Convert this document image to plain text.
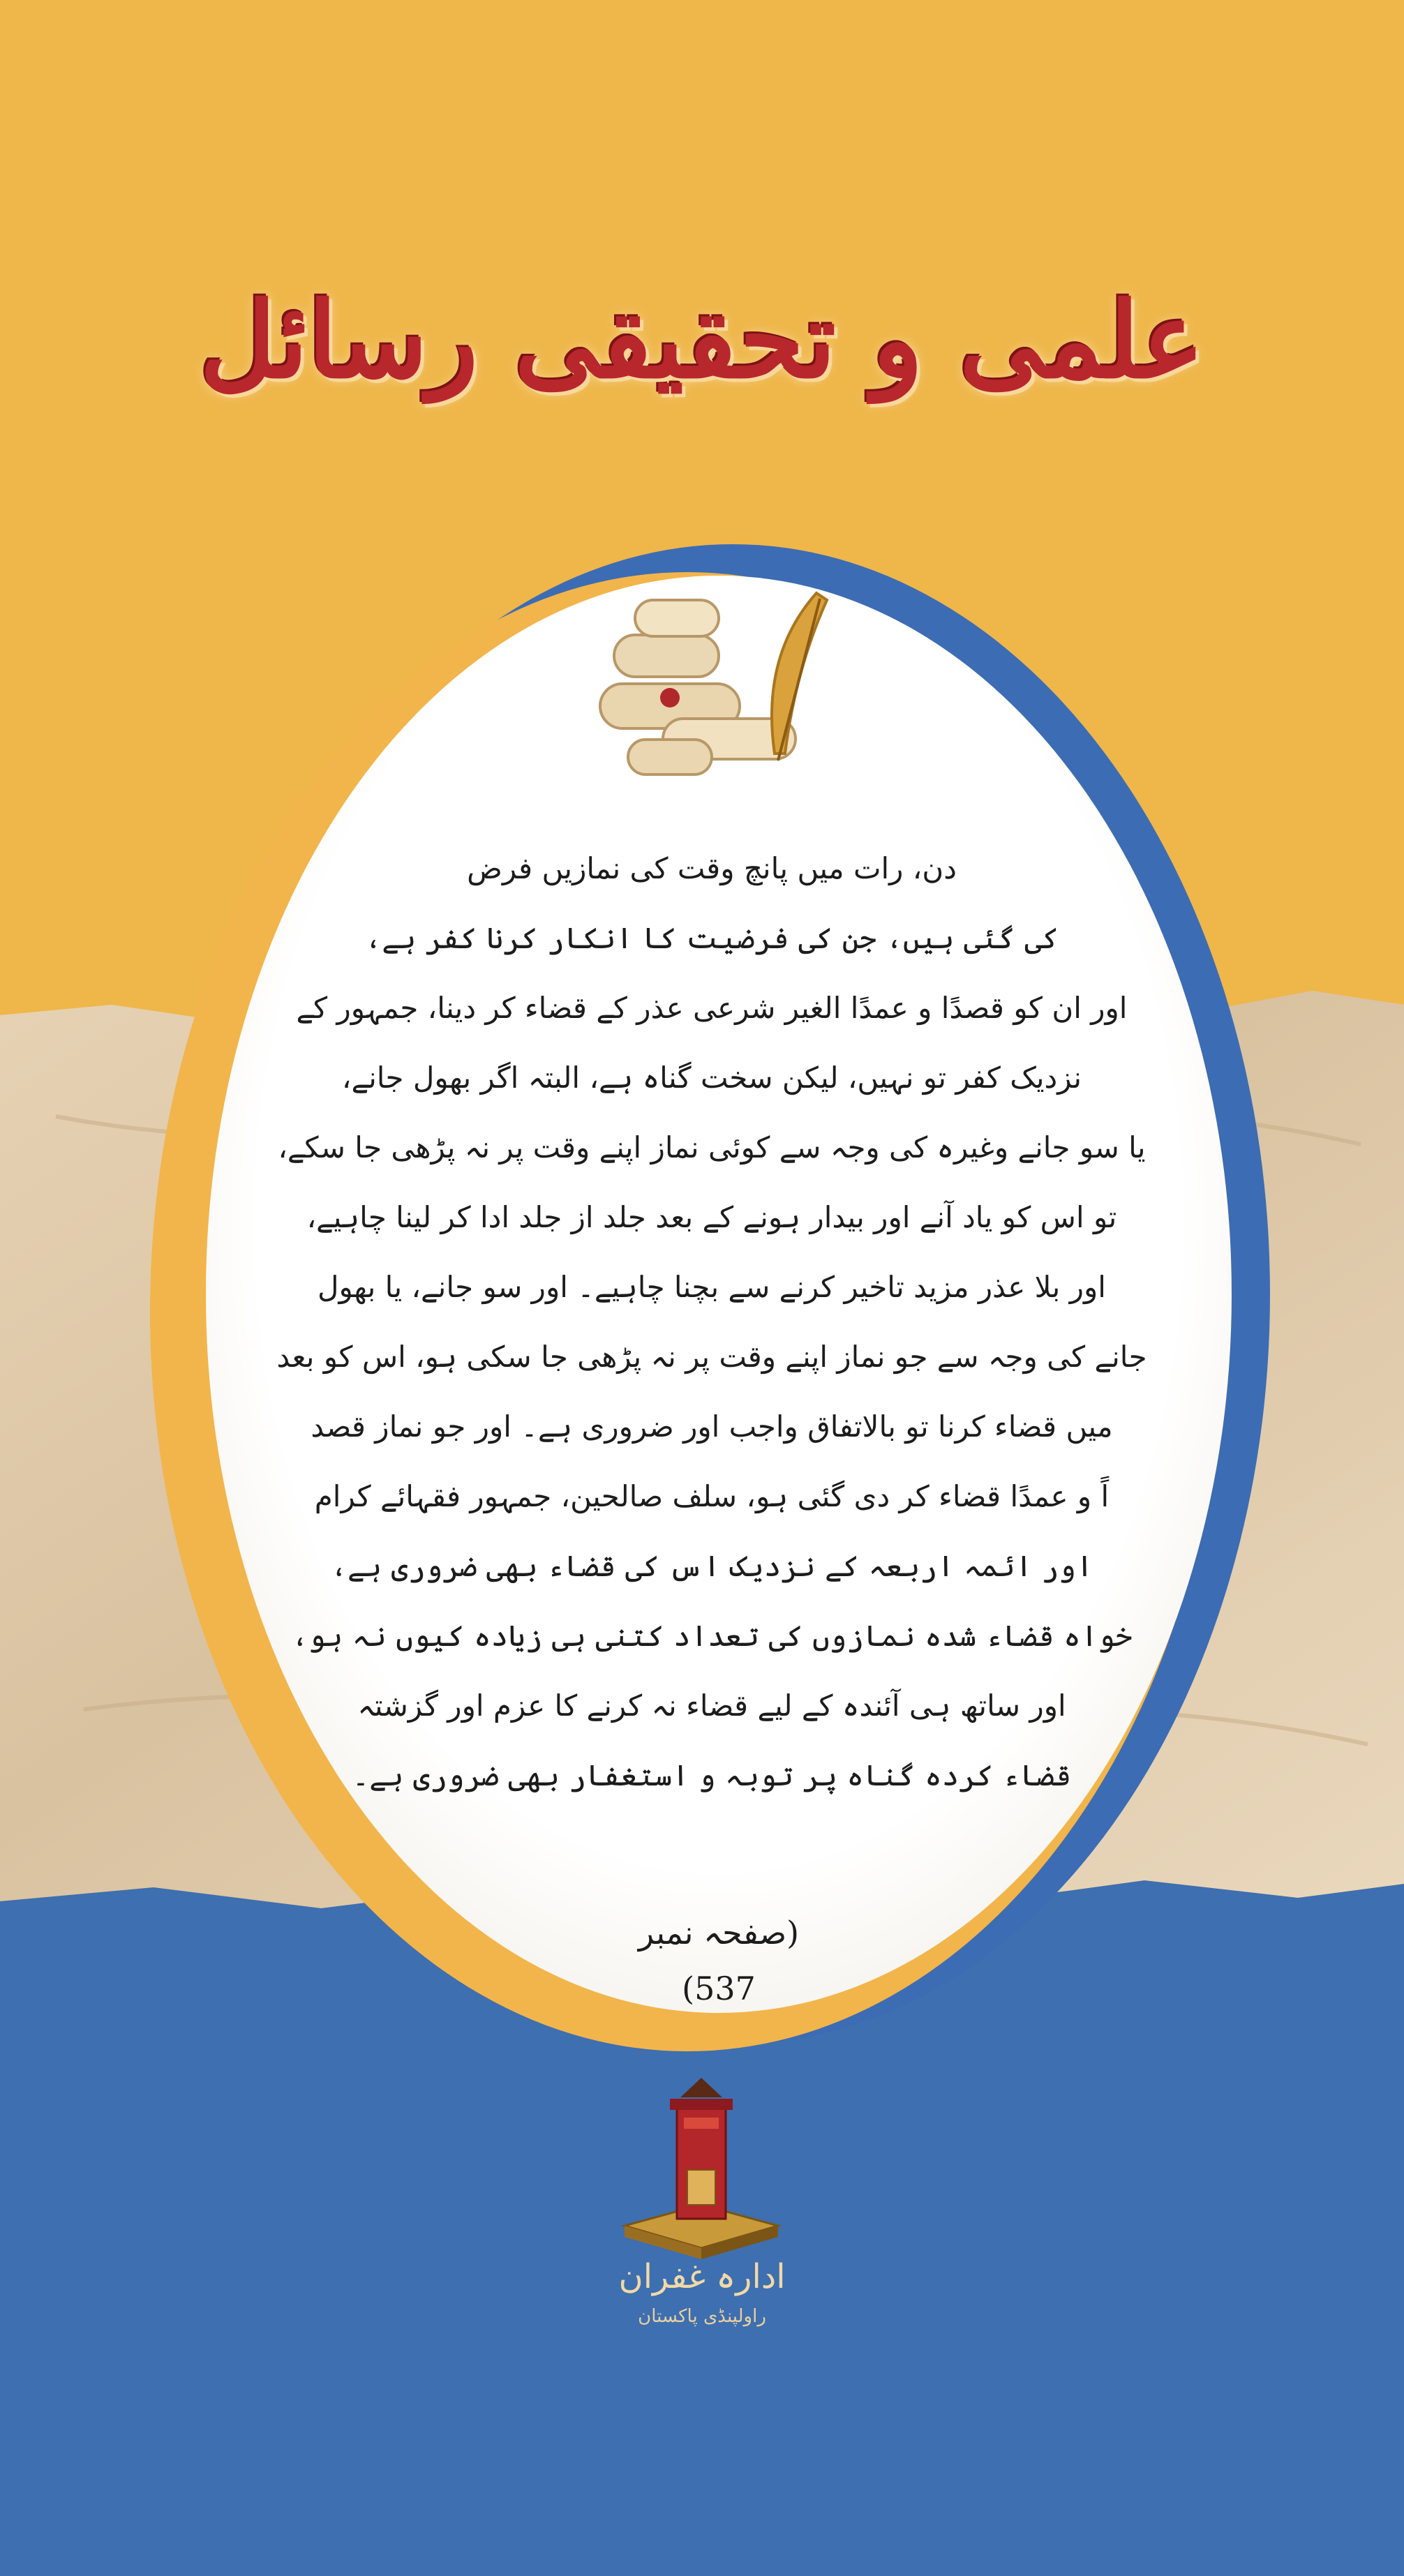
علمی و تحقیقی رسائل

دن، رات میں پانچ وقت کی نمازیں فرض

کی گئی ہیں، جن کی فرضیت کا انکار کرنا کفر ہے،

اور ان کو قصدًا و عمدًا الغیر شرعی عذر کے قضاء کر دینا، جمہور کے

نزدیک کفر تو نہیں، لیکن سخت گناہ ہے، البتہ اگر بھول جانے،

یا سو جانے وغیرہ کی وجہ سے کوئی نماز اپنے وقت پر نہ پڑھی جا سکے،

تو اس کو یاد آنے اور بیدار ہونے کے بعد جلد از جلد ادا کر لینا چاہیے،

اور بلا عذر مزید تاخیر کرنے سے بچنا چاہیے۔ اور سو جانے، یا بھول

جانے کی وجہ سے جو نماز اپنے وقت پر نہ پڑھی جا سکی ہو، اس کو بعد

میں قضاء کرنا تو بالاتفاق واجب اور ضروری ہے۔ اور جو نماز قصد

اً و عمدًا قضاء کر دی گئی ہو، سلف صالحین، جمہور فقہائے کرام

اور ائمہ اربعہ کے نزدیک اس کی قضاء بھی ضروری ہے،

خواہ قضاء شدہ نمازوں کی تعداد کتنی ہی زیادہ کیوں نہ ہو،

اور ساتھ ہی آئندہ کے لیے قضاء نہ کرنے کا عزم اور گزشتہ

قضاء کردہ گناہ پر توبہ و استغفار بھی ضروری ہے۔

(صفحہ نمبر 537)

ادارہ غفران

راولپنڈی پاکستان
